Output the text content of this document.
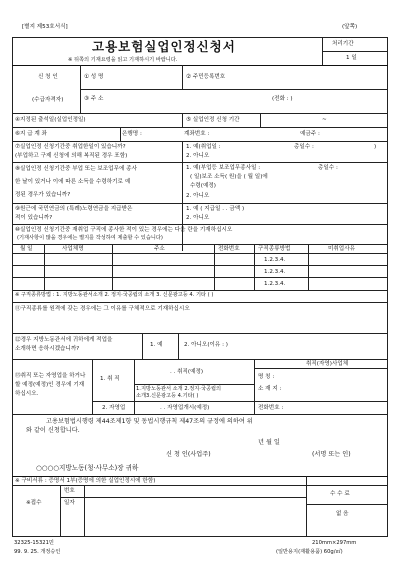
[별지 제53호서식]	(앞쪽)
고용보험실업인정신청서
※ 뒤쪽의 기재요령을 읽고 기재하시기 바랍니다.
처리기간
1 일
신 청 인
(수급자격자)
① 성 명	② 주민등록번호
③ 주 소	(전화 : )
④지정된 출석일(실업인정일)	⑤ 실업인정 신청 기간	~
⑥지 급 계 좌	은행명 :	계좌번호 :	예금주 :
⑦실업인정 신청기간중 취업한일이 있습니까?
(부업하고 구제 신청에 의해 복직된 경우 포함)
1. 예(취업일 :	총일수 :	)
2. 아니오
⑧실업인정 신청기간중 부업 또는 보조업무에 종사
한 날이 있거나 이에 따른 소득을 수령하기로 예
정된 경우가 있습니까?
1. 예(부업등 보조업무종사일 :	총일수 :
( 일)보조 소득( 원)을 ( 월 일)에
수령(예정)
2. 아니오
⑨원근에 국민연금의 (특례)노령연금을 지급받은
적이 있습니까?
1. 예 ( 지급일 . . 금액 )
2. 아니오
⑩실업인정 신청기간중 재취업 구직에 종사한 적이 있는 경우에는 다음 란을 기재하십시오
(기재사항이 많을 경우에는 별지를 작성하여 제출할 수 있습니다)
월 일	사업체명	주소	전화번호	구직종류방법	미취업사유
1.2.3.4.
1.2.3.4.
1.2.3.4.
※ 구직종류방법 : 1. 지방노동관서소개 2. 정지·국공립의 소개 3. 신문광고등 4. 기타 ( )
⑪구직종류를 원격에 갖는 경우에는 그 이유를 구체적으로 기재하십시오
⑫경우 지방노동관서에 귀하에게 적업을
소개하면 응하시겠습니까?
1. 예	2. 아니오(이유 : )
⑬취직 또는 자영업을 하거나
할 예정(예정)인 경우에 기재
하십시오.
1. 취 직
. . 취직(예정)
1.지방노동관서 소개 2.정지·국공립의
소개3.신문광고등 4.기타( )
취직(자영)사업체
명 칭 :
소 재 지 :
2. 자영업	. . 자영업개시(예정)	전화번호 :
고용보험법시행령 제44조제1항 및 동법시행규칙 제47조의 규정에 의하여 위
와 같이 신청합니다.
년 월 일
신 청 인(사업주)	(서명 또는 인)
○○○○지방노동(청·사무소)장 귀하
※ 구비서류 : 증명서 1부(증명에 의한 실업인정시에 한함)
수 수 료
없 음
※접수
번호
일자
32325-15321민
99. 9. 25. 개정승인
210mm×297mm
(일반용지(재활용품) 60g/㎡)
